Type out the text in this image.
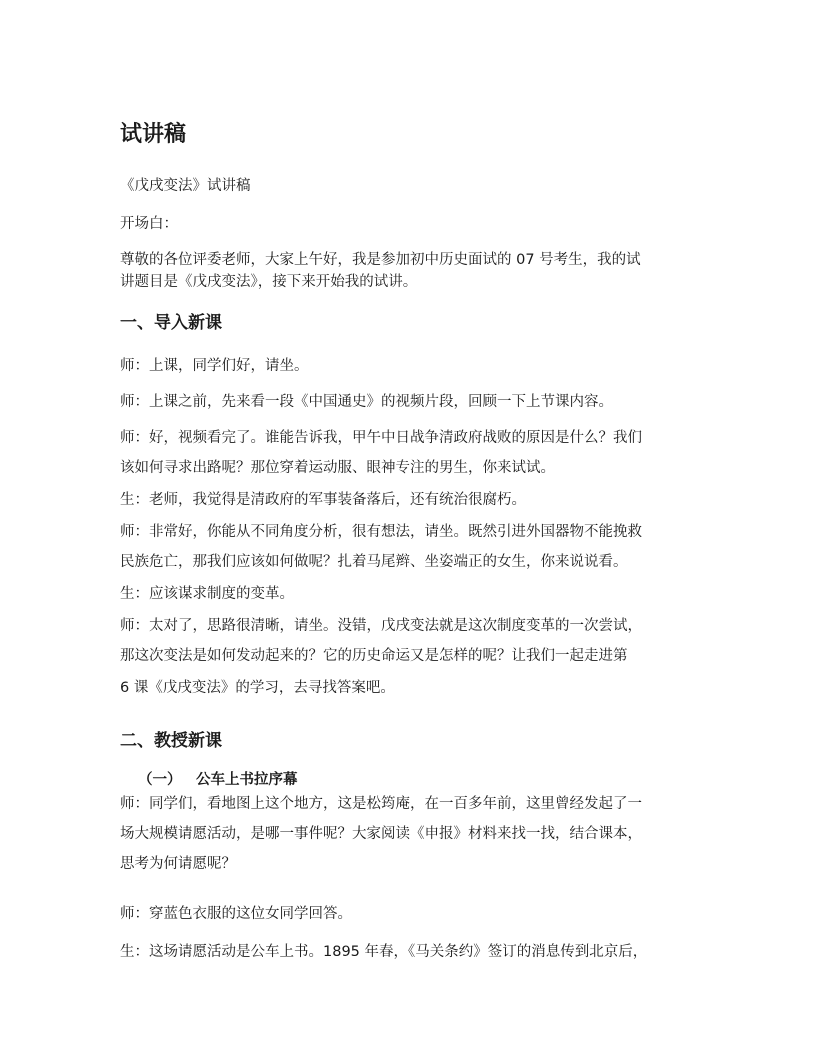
试讲稿

《戊戌变法》试讲稿

开场白：

尊敬的各位评委老师，大家上午好，我是参加初中历史面试的 07 号考生，我的试

讲题目是《戊戌变法》，接下来开始我的试讲。

一、导入新课

师：上课，同学们好，请坐。

师：上课之前，先来看一段《中国通史》的视频片段，回顾一下上节课内容。

师：好，视频看完了。谁能告诉我，甲午中日战争清政府战败的原因是什么？我们

该如何寻求出路呢？那位穿着运动服、眼神专注的男生，你来试试。

生：老师，我觉得是清政府的军事装备落后，还有统治很腐朽。

师：非常好，你能从不同角度分析，很有想法，请坐。既然引进外国器物不能挽救

民族危亡，那我们应该如何做呢？扎着马尾辫、坐姿端正的女生，你来说说看。

生：应该谋求制度的变革。

师：太对了，思路很清晰，请坐。没错，戊戌变法就是这次制度变革的一次尝试，

那这次变法是如何发动起来的？它的历史命运又是怎样的呢？让我们一起走进第

6 课《戊戌变法》的学习，去寻找答案吧。

二、教授新课
（一） 公车上书拉序幕

师：同学们，看地图上这个地方，这是松筠庵，在一百多年前，这里曾经发起了一

场大规模请愿活动，是哪一事件呢？大家阅读《申报》材料来找一找，结合课本，

思考为何请愿呢？

师：穿蓝色衣服的这位女同学回答。

生：这场请愿活动是公车上书。1895 年春，《马关条约》签订的消息传到北京后，
